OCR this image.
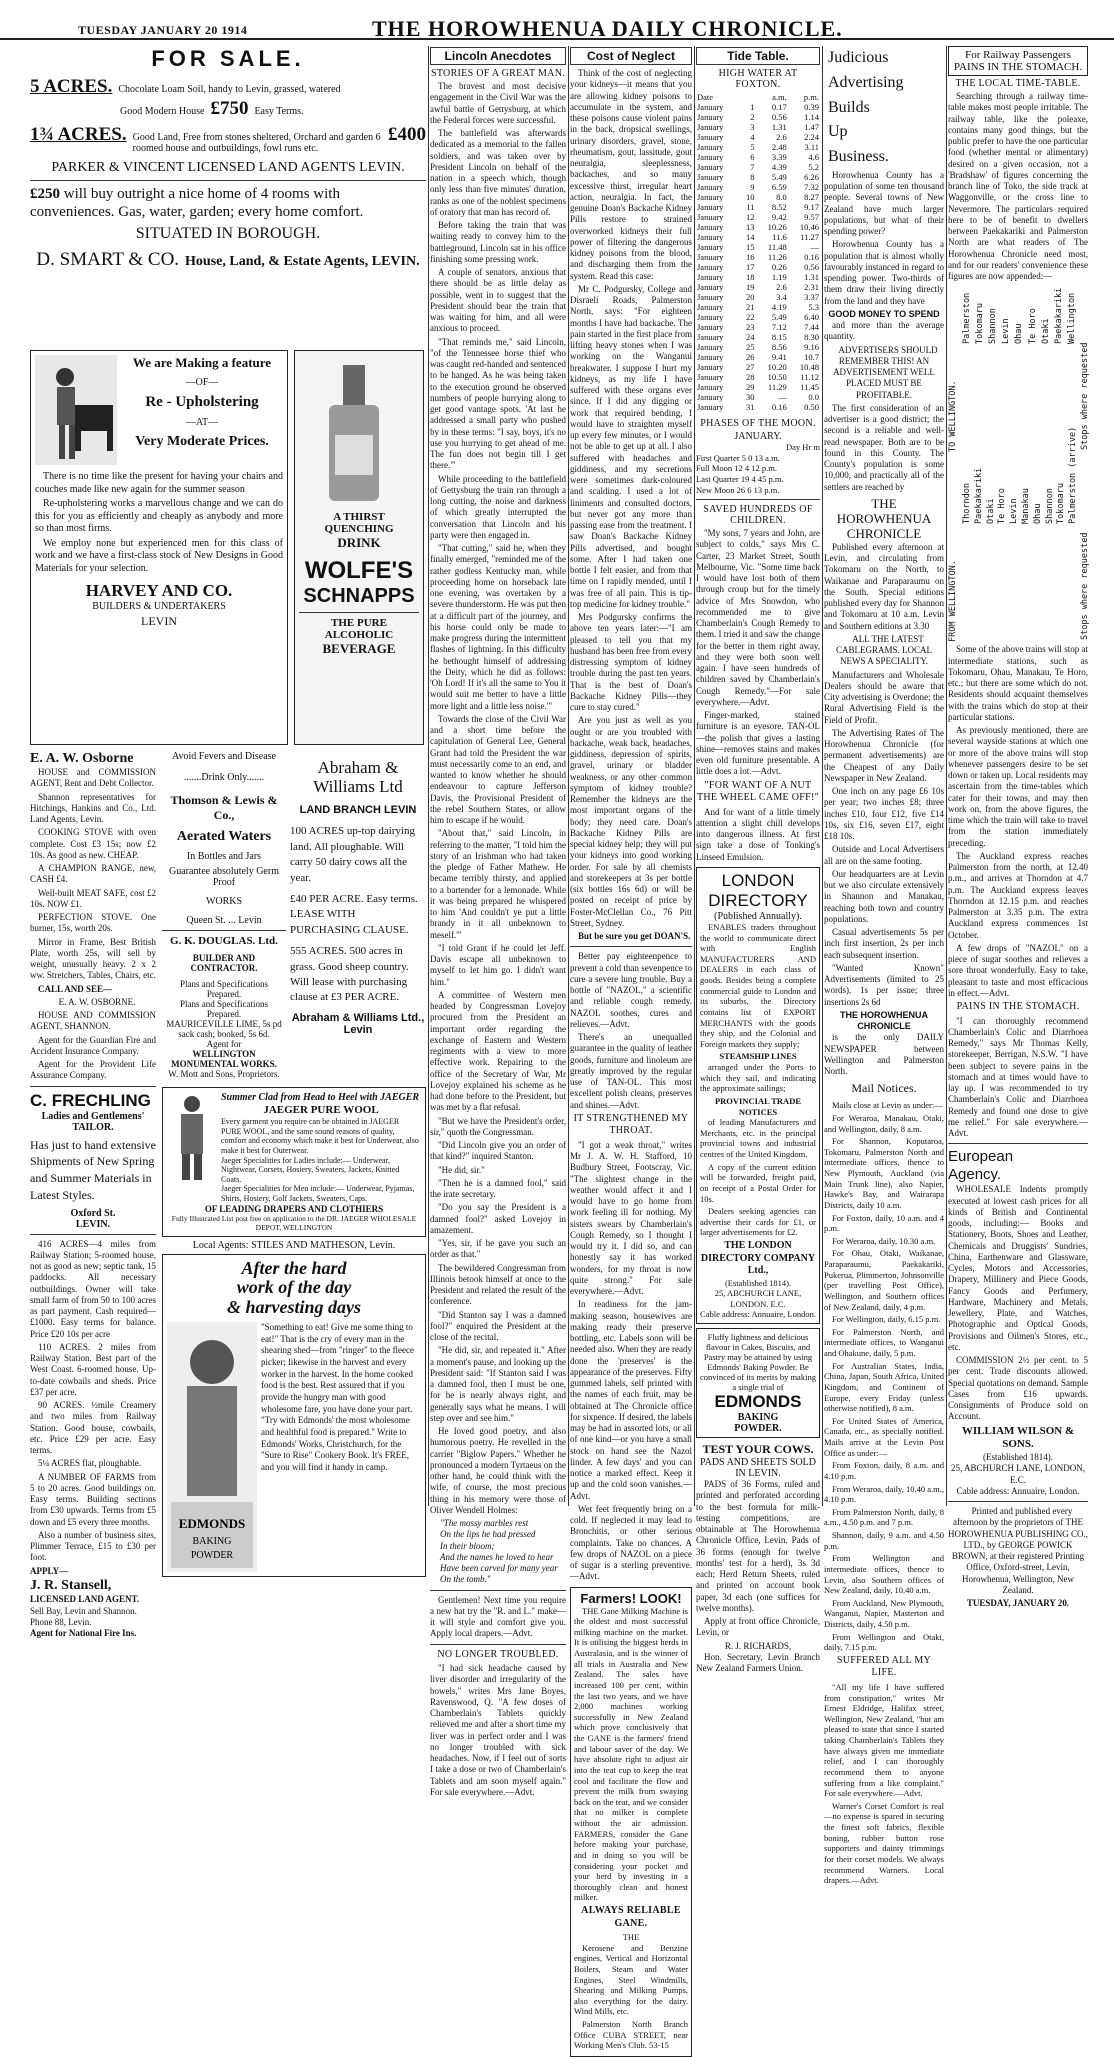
TUESDAY JANUARY 20 1914	THE HOROWHENUA DAILY CHRONICLE.
FOR SALE.
5 ACRES. Chocolate Loam Soil, handy to Levin, grassed, watered
Good Modern House £750 Easy Terms.
1¾ ACRES. Good Land, Free from stones sheltered, Orchard and garden 6 roomed house and outbuildings, fowl runs etc.
£400
PARKER & VINCENT LICENSED LAND AGENTS LEVIN.
£250 will buy outright a nice home of 4 rooms with conveniences. Gas, water, garden; every home comfort.
SITUATED IN BOROUGH.
D. SMART & CO. House, Land, & Estate Agents, LEVIN.
We are Making a feature
—OF—
Re - Upholstering
—AT—
Very Moderate Prices.

There is no time like the present for having your chairs and couches made like new again for the summer season

Re-upholstering works a marvellous change and we can do this for you as efficiently and cheaply as anybody and more so than most firms.

We employ none but experienced men for this class of work and we have a first-class stock of New Designs in Good Materials for your selection.

HARVEY AND CO.
BUILDERS & UNDERTAKERS
LEVIN
A THIRST QUENCHING
DRINK
WOLFE'S
SCHNAPPS
THE PURE ALCOHOLIC
BEVERAGE
E. A. W. Osborne

HOUSE and COMMISSION AGENT, Rent and Debt Collector.

Shannon representatives for Hitchings, Hankins and Co., Ltd. Land Agents, Levin.

COOKING STOVE with oven complete. Cost £3 15s; now £2 10s. As good as new. CHEAP.

A CHAMPION RANGE, new, CASH £4.

Well-built MEAT SAFE, cost £2 10s. NOW £1.

PERFECTION STOVE. One burner, 15s, worth 20s.

Mirror in Frame, Best British Plate, worth 25s, will sell by weight, unusually heavy. 2 x 2 ww. Stretchers, Tables, Chairs, etc.

CALL AND SEE—

E. A. W. OSBORNE.

HOUSE AND COMMISSION AGENT, SHANNON.

Agent for the Guardian Fire and Accident Insurance Company.

Agent for the Provident Life Assurance Company.

C. FRECHLING
Ladies and Gentlemens' TAILOR.
Has just to hand extensive Shipments of New Spring and Summer Materials in Latest Styles.
Oxford St.
LEVIN.

416 ACRES—4 miles from Railway Station; 5-roomed house, not as good as new; septic tank, 15 paddocks. All necessary outbuildings. Owner will take small farm of from 50 to 100 acres as part payment. Cash required—£1000. Easy terms for balance. Price £20 10s per acre

110 ACRES. 2 miles from Railway Station. Best part of the West Coast. 6-roomed house. Up-to-date cowbails and sheds. Price £37 per acre.

90 ACRES. ½mile Creamery and two miles from Railway Station. Good house, cowbails, etc. Price £29 per acre. Easy terms.

5¼ ACRES flat, ploughable.

A NUMBER OF FARMS from 5 to 20 acres. Good buildings on. Easy terms. Building sections from £30 upwards. Terms from £5 down and £5 every three months.

Also a number of business sites, Plimmer Terrace, £15 to £30 per foot.

APPLY—
J. R. Stansell,
LICENSED LAND AGENT.
Sell Bay, Levin and Shannon.
Phone 88, Levin.
Agent for National Fire Ins.
Avoid Fevers and Disease
.......Drink Only.......
Thomson & Lewis & Co.,
Aerated Waters
In Bottles and Jars
Guarantee absolutely Germ Proof
WORKS
Queen St. ... Levin
G. K. DOUGLAS. Ltd.
BUILDER AND CONTRACTOR.
Plans and Specifications Prepared.
Plans and Specifications Prepared.
MAURICEVILLE LIME, 5s pd sack cash; booked, 5s 6d.
Agent for
WELLINGTON MONUMENTAL WORKS.
W. Mott and Sons, Proprietors.
Abraham & Williams Ltd
LAND BRANCH LEVIN

100 ACRES up-top dairying land. All ploughable. Will carry 50 dairy cows all the year.

£40 PER ACRE. Easy terms. LEASE WITH PURCHASING CLAUSE.

555 ACRES. 500 acres in grass. Good sheep country. Will lease with purchasing clause at £3 PER ACRE.

Abraham & Williams Ltd., Levin
Summer Clad from Head to Heel with JAEGER
JAEGER PURE WOOL
Every garment you require can be obtained in JAEGER PURE WOOL, and the same sound reasons of quality, comfort and economy which make it best for Underwear, also make it best for Outerwear.
Jaeger Specialities for Ladies include:— Underwear, Nightwear, Corsets, Hosiery, Sweaters, Jackets, Knitted Coats.
Jaeger Specialities for Men include:— Underwear, Pyjamas, Shirts, Hosiery, Golf Jackets, Sweaters, Caps.
OF LEADING DRAPERS AND CLOTHIERS
Fully Illustrated List post free on application to the DR. JAEGER WHOLESALE DEPOT, WELLINGTON
Local Agents: STILES AND MATHESON, Levin.
After the hard
work of the day
& harvesting days
EDMONDS
BAKING
POWDER
"Something to eat! Give me some thing to eat!" That is the cry of every man in the shearing shed—from "ringer" to the fleece picker; likewise in the harvest and every worker in the harvest. In the home cooked food is the best. Rest assured that if you provide the hungry man with good wholesome fare, you have done your part. "Try with Edmonds' the most wholesome and healthful food is prepared." Write to Edmonds' Works, Christchurch, for the "Sure to Rise" Cookery Book. It's FREE, and you will find it handy in camp.
Lincoln Anecdotes
STORIES OF A GREAT MAN.

The bravest and most decisive engagement in the Civil War was the awful battle of Gettysburg, at which the Federal forces were successful.

The battlefield was afterwards dedicated as a memorial to the fallen soldiers, and was taken over by President Lincoln on behalf of the nation in a speech which, though only less than five minutes' duration, ranks as one of the noblest specimens of oratory that man has record of.

Before taking the train that was waiting ready to convey him to the battleground, Lincoln sat in his office finishing some pressing work.

A couple of senators, anxious that there should be as little delay as possible, went in to suggest that the President should bear the train that was waiting for him, and all were anxious to proceed.

"That reminds me," said Lincoln, "of the Tennessee horse thief who was caught red-handed and sentenced to be hanged. As he was being taken to the execution ground he observed numbers of people hurrying along to get good vantage spots. 'At last he addressed a small party who pushed by in these terms: "I say, boys, it's no use you hurrying to get ahead of me. The fun does not begin till I get there."'

While proceeding to the battlefield of Gettysburg the train ran through a long cutting, the noise and darkness of which greatly interrupted the conversation that Lincoln and his party were then engaged in.

"That cutting," said he, when they finally emerged, "reminded me of the rather godless Kentucky man, while proceeding home on horseback late one evening, was overtaken by a severe thunderstorm. He was put then at a difficult part of the journey, and his horse could only be made to make progress during the intermittent flashes of lightning. In this difficulty he bethought himself of addressing the Deity, which he did as follows: 'Oh Lord! If it's all the same to You it would suit me better to have a little more light and a little less noise.'"

Towards the close of the Civil War and a short time before the capitulation of General Lee, General Grant had told the President the war must necessarily come to an end, and wanted to know whether he should endeavour to capture Jefferson Davis, the Provisional President of the rebel Southern States, or allow him to escape if he would.

"About that," said Lincoln, in referring to the matter, "I told him the story of an Irishman who had taken the pledge of Father Mathew. He became terribly thirsty, and applied to a bartender for a lemonade. While it was being prepared he whispered to him 'And couldn't ye put a little brandy in it all unbeknown to meself.'"

"I told Grant if he could let Jeff. Davis escape all unbeknown to myself to let him go. I didn't want him."

A committee of Western men headed by Congressman Lovejoy procured from the President an important order regarding the exchange of Eastern and Western regiments with a view to more effective work. Repairing to the office of the Secretary of War, Mr Lovejoy explained his scheme as he had done before to the President, but was met by a flat refusal.

"But we have the President's order, sir," quoth the Congressman.

"Did Lincoln give you an order of that kind?" inquired Stanton.

"He did, sir."

"Then he is a damned fool," said the irate secretary.

"Do you say the President is a damned fool?" asked Lovejoy in amazement.

"Yes, sir, if he gave you such an order as that."

The bewildered Congressman from Illinois betook himself at once to the President and related the result of the conference.

"Did Stanton say I was a damned fool?" enquired the President at the close of the recital.

"He did, sir, and repeated it." After a moment's pause, and looking up the President said: "If Stanton said I was a damned fool, then I must be one, for he is nearly always right, and generally says what he means. I will step over and see him."

He loved good poetry, and also humorous poetry. He revelled in the carrier "Biglow Papers." Whether he pronounced a modern Tyrtaeus on the other hand, he could think with the wife, of course, the most precious thing in his memory were those of Oliver Wendell Holmes:

"The mossy marbles rest
On the lips he had pressed
In their bloom;
And the names he loved to hear
Have been carved for many year
On the tomb."

Gentlemen! Next time you require a new hat try the "R. and L." make—it will style and comfort give you. Apply local drapers.—Advt.

NO LONGER TROUBLED.

"I had sick headache caused by liver disorder and irregularity of the bowels," writes Mrs Jane Boyes, Ravenswood, Q. "A few doses of Chamberlain's Tablets quickly relieved me and after a short time my liver was in perfect order and I was no longer troubled with sick headaches. Now, if I feel out of sorts I take a dose or two of Chamberlain's Tablets and am soon myself again." For sale everywhere.—Advt.

Cost of Neglect

Think of the cost of neglecting your kidneys—it means that you are allowing kidney poisons to accumulate in the system, and these poisons cause violent pains in the back, dropsical swellings, urinary disorders, gravel, stone, rheumatism, gout, lassitude, gout neuralgia, sleeplessness, backaches, and so many excessive thirst, irregular heart action, neuralgia. In fact, the genuine Doan's Backache Kidney Pills restore to strained overworked kidneys their full power of filtering the dangerous kidney poisons from the blood, and discharging them from the system. Read this case:

Mr C. Podgursky, College and Disraeli Roads, Palmerston North, says: "For eighteen months I have had backache. The pain started in the first place from lifting heavy stones when I was working on the Wanganui breakwater. I suppose I hurt my kidneys, as my life I have suffered with these organs ever since. If I did any digging or work that required bending, I would have to straighten myself up every few minutes, or I would not be able to get up at all. I also suffered with headaches and giddiness, and my secretions were sometimes dark-coloured and scalding. I used a lot of liniments and consulted doctors, but never got any more than passing ease from the treatment. I saw Doan's Backache Kidney Pills advertised, and bought some. After I had taken one bottle I felt easier, and from that time on I rapidly mended, until I was free of all pain. This is tip-top medicine for kidney trouble."

Mrs Podgursky confirms the above ten years later:—"I am pleased to tell you that my husband has been free from every distressing symptom of kidney trouble during the past ten years. That is the best of Doan's Backache Kidney Pills—they cure to stay cured."

Are you just as well as you ought or are you troubled with backache, weak back, headaches, giddiness, depression of spirits, gravel, urinary or bladder weakness, or any other common symptom of kidney trouble? Remember the kidneys are the most important organs of the body; they need care. Doan's Backache Kidney Pills are special kidney help; they will put your kidneys into good working order. For sale by all chemists and storekeepers at 3s per bottle (six bottles 16s 6d) or will be posted on receipt of price by Foster-McClellan Co., 76 Pitt Street, Sydney.

But be sure you get DOAN'S.

Better pay eighteenpence to prevent a cold than sevenpence to cure a severe lung trouble. Buy a bottle of "NAZOL," a scientific and reliable cough remedy. NAZOL soothes, cures and relieves.—Advt.

There's an unequalled guarantee in the quality of leather goods, furniture and linoleum are greatly improved by the regular use of TAN-OL. This most excellent polish cleans, preserves and shines.—Advt.

IT STRENGTHENED MY THROAT.

"I got a weak throat," writes Mr J. A. W. H. Stafford, 10 Budbury Street, Footscray, Vic. "The slightest change in the weather would affect it and I would have to go home from work feeling ill for nothing. My sisters swears by Chamberlain's Cough Remedy, so I thought I would try it. I did so, and can honestly say it has worked wonders, for my throat is now quite strong." For sale everywhere.—Advt.

In readiness for the jam-making season, housewives are making ready their preserve bottling, etc. Labels soon will be needed also. When they are ready done the 'preserves' is the appearance of the preserves. Fifty gummed labels, self printed with the names of each fruit, may be obtained at The Chronicle office for sixpence. If desired, the labels may be had in assorted lots, or all of one kind—or you have a small stock on hand see the Nazol linder. A few days' and you can notice a marked effect. Keep it up and the cold soon vanishes.—Advt.

Wet feet frequently bring on a cold. If neglected it may lead to Bronchitis, or other serious complaints. Take no chances. A few drops of NAZOL on a piece of sugar is a sterling preventive.—Advt.

Farmers! LOOK!

THE Gane Milking Machine is the oldest and most successful milking machine on the market. It is utilising the biggest herds in Australasia, and is the winner of all trials in Australia and New Zealand. The sales have increased 100 per cent, within the last two years, and we have 2,000 machines working successfully in New Zealand which prove conclusively that the GANE is the farmers' friend and labour saver of the day. We have absolute right to adjust air into the teat cup to keep the teat cool and facilitate the flow and prevent the milk from swaying back on the teat, and we consider that no milker is complete without the air admission. FARMERS, consider the Gane before making your purchase, and in doing so you will be considering your pocket and your herd by investing in a thoroughly clean and honest milker.

ALWAYS RELIABLE GANE.
THE

Kerosene and Benzine engines, Vertical and Horizontal Boilers, Steam and Water Engines, Steel Windmills, Shearing and Milking Pumps, also everything for the dairy. Wind Mills, etc.

Palmerston North Branch Office CUBA STREET, near Working Men's Club. 53-15

Tide Table.
HIGH WATER AT FOXTON.
Date		a.m.	p.m.
January	1	0.17	0.39
January	2	0.56	1.14
January	3	1.31	1.47
January	4	2.6	2.24
January	5	2.48	3.11
January	6	3.39	4.6
January	7	4.39	5.2
January	8	5.49	6.26
January	9	6.59	7.32
January	10	8.0	8.27
January	11	8.52	9.17
January	12	9.42	9.57
January	13	10.26	10.46
January	14	11.6	11.27
January	15	11.48	—
January	16	11.26	0.16
January	17	0.26	0.56
January	18	1.19	1.31
January	19	2.6	2.31
January	20	3.4	3.37
January	21	4.19	5.3
January	22	5.49	6.40
January	23	7.12	7.44
January	24	8.15	8.30
January	25	8.56	9.16
January	26	9.41	10.7
January	27	10.20	10.48
January	28	10.50	11.12
January	29	11.29	11.45
January	30	—	0.0
January	31	0.16	0.50
PHASES OF THE MOON.
JANUARY.
Day Hr m
First Quarter 5 0 13 a.m.
Full Moon 12 4 12 p.m.
Last Quarter 19 4 45 p.m.
New Moon 26 6 13 p.m.
SAVED HUNDREDS OF CHILDREN.

"My sons, 7 years and John, are subject to colds," says Mrs C. Carter, 23 Market Street, South Melbourne, Vic. "Some time back I would have lost both of them through croup but for the timely advice of Mrs Snowdon, who recommended me to give Chamberlain's Cough Remedy to them. I tried it and saw the change for the better in them right away, and they were both soon well again. I have seen hundreds of children saved by Chamberlain's Cough Remedy."—For sale everywhere.—Advt.

Finger-marked, stained furniture is an eyesore. TAN-OL—the polish that gives a lasting shine—removes stains and makes even old furniture presentable. A little does a lot.—Advt.

"FOR WANT OF A NUT THE WHEEL CAME OFF!"

And for want of a little timely attention a slight chill develops into dangerous illness. At first sign take a dose of Tonking's Linseed Emulsion.

LONDON
DIRECTORY
(Published Annually).

ENABLES traders throughout the world to communicate direct with English MANUFACTURERS AND DEALERS in each class of goods. Besides being a complete commercial guide to London and its suburbs, the Directory contains list of EXPORT MERCHANTS with the goods they ship, and the Colonial and Foreign markets they supply;

STEAMSHIP LINES

arranged under the Ports to which they sail, and indicating the approximate sailings;

PROVINCIAL TRADE NOTICES

of leading Manufacturers and Merchants, etc. in the principal provincial towns and industrial centres of the United Kingdom.

A copy of the current edition will be forwarded, freight paid, on receipt of a Postal Order for 10s.

Dealers seeking agencies can advertise their cards for £1, or larger advertisements for £2.

THE LONDON DIRECTORY COMPANY Ltd.,
(Established 1814).
25, ABCHURCH LANE, LONDON. E.C.
Cable address: Annuaire, London.
Fluffy lightness and delicious flavour in Cakes, Biscuits, and Pastry may be attained by using Edmonds' Baking Powder. Be convinced of its merits by making a single trial of
EDMONDS
BAKING
POWDER.
TEST YOUR COWS.
PADS AND SHEETS SOLD IN LEVIN.

PADS of 36 Forms, ruled and printed and perforated according to the best formula for milk-testing competitions, are obtainable at The Horowhenua Chronicle Office, Levin. Pads of 36 forms (enough for twelve months' test for a herd), 3s 3d each; Herd Return Sheets, ruled and printed on account book paper, 3d each (one suffices for twelve months).

Apply at front office Chronicle, Levin, or

R. J. RICHARDS,

Hon. Secretary, Levin Branch New Zealand Farmers Union.

Judicious
Advertising
Builds
Up
Business.

Horowhenua County has a population of some ten thousand people. Several towns of New Zealand have much larger populations, but what of their spending power?

Horowhenua County has a population that is almost wholly favourably instanced in regard to spending power. Two-thirds of them draw their living directly from the land and they have

GOOD MONEY TO SPEND

and more than the average quantity.

ADVERTISERS SHOULD REMEMBER THIS! AN ADVERTISEMENT WELL PLACED MUST BE PROFITABLE.

The first consideration of an advertiser is a good district; the second is a reliable and well-read newspaper. Both are to be found in this County. The County's population is some 10,000, and practically all of the settlers are reached by

THE
HOROWHENUA
CHRONICLE

Published every afternoon at Levin, and circulating from Tokomaru on the North, to Waikanae and Paraparaumu on the South. Special editions published every day for Shannon and Tokomaru at 10 a.m. Levin and Southern editions at 3.30

ALL THE LATEST CABLEGRAMS. LOCAL NEWS A SPECIALITY.

Manufacturers and Wholesale Dealers should be aware that City advertising is Overdone; the Rural Advertising Field is the Field of Profit.

The Advertising Rates of The Horowhenua Chronicle (for permanent advertisements) are the Cheapest of any Daily Newspaper in New Zealand.

One inch on any page £6 10s per year; two inches £8; three inches £10, four £12, five £14 10s, six £16, seven £17, eight £18 10s.

Outside and Local Advertisers all are on the same footing.

Our headquarters are at Levin but we also circulate extensively in Shannon and Manakau, reaching both town and country populations.

Casual advertisements 5s per inch first insertion, 2s per inch each subsequent insertion.

"Wanted Known" Advertisements (limited to 25 words), 1s per issue; three insertions 2s 6d

THE HOROWHENUA CHRONICLE

is the only DAILY NEWSPAPER between Wellington and Palmerston North.

Mail Notices.

Mails close at Levin as under:—

For Weraroa, Manakau, Otaki, and Wellington, daily, 8 a.m.

For Shannon, Koputaroa, Tokomaru, Palmerston North and intermediate offices, thence to New Plymouth, Auckland (via Main Trunk line), also Napier, Hawke's Bay, and Wairarapa Districts, daily 10 a.m.

For Foxton, daily, 10 a.m. and 4 p.m.

For Weraroa, daily, 10.30 a.m.

For Ohau, Otaki, Waikanae, Paraparaumu, Paekakariki, Pukerua, Plimmerton, Johnsonville (per travelling Post Office), Wellington, and Southern offices of New Zealand, daily, 4 p.m.

For Wellington, daily, 6.15 p.m.

For Palmerston North, and intermediate offices, to Wanganui and Ohakune, daily, 5 p.m.

For Australian States, India, China, Japan, South Africa, United Kingdom, and Continent of Europe, every Friday (unless otherwise notified), 8 a.m.

For United States of America, Canada, etc., as specially notified. Mails arrive at the Levin Post Office as under:—

From Foxton, daily, 8 a.m. and 4.10 p.m.

From Weraroa, daily, 10.40 a.m., 4.10 p.m.

From Palmerston North, daily, 8 a.m., 4.50 p.m. and 7 p.m.

Shannon, daily, 9 a.m. and 4.50 p.m.

From Wellington and intermediate offices, thence to Levin, also Southern offices of New Zealand, daily, 10.40 a.m.

From Auckland, New Plymouth, Wanganui, Napier, Masterton and Districts, daily, 4.50 p.m.

From Wellington and Otaki, daily, 7.15 p.m.

SUFFERED ALL MY LIFE.

"All my life I have suffered from constipation," writes Mr Ernest Eldridge, Halifax street, Wellington, New Zealand, "but am pleased to state that since I started taking Chamberlain's Tablets they have always given me immediate relief, and I can thoroughly recommend them to anyone suffering from a like complaint." For sale everywhere.—Advt.

Warner's Corset Comfort is real—no expense is spared in securing the finest soft fabrics, flexible boning, rubber button rose supporters and dainty trimmings for their corset models. We always recommend Warners. Local drapers.—Advt.

For Railway Passengers
PAINS IN THE STOMACH.
THE LOCAL TIME-TABLE.

Searching through a railway time-table makes most people irritable. The railway table, like the poleaxe, contains many good things, but the public prefer to have the one particular food (whether mental or alimentary) desired on a given occasion, not a 'Bradshaw' of figures concerning the branch line of Toko, the side track at Waggonville, or the cross line to Nevermore. The particulars required here to be of benefit to dwellers between Paekakariki and Palmerston North are what readers of The Horowhenua Chronicle need most, and for our readers' convenience these figures are now appended:—

TO WELLINGTON.
Palmerston Tokomaru Shannon Levin Ohau Te Horo Otaki Paekakariki Wellington
Stops where requested
FROM WELLINGTON.
Thorndon Paekakariki Otaki Te Horo Levin Manakau Ohau Shannon Tokomaru Palmerston (arrive)
Stops where requested

Some of the above trains will stop at intermediate stations, such as Tokomaru, Ohau, Manakau, Te Horo, etc.; but there are some which do not. Residents should acquaint themselves with the trains which do stop at their particular stations.

As previously mentioned, there are several wayside stations at which one or more of the above trains will stop whenever passengers desire to be set down or taken up. Local residents may ascertain from the time-tables which cater for their towns, and may then work on, from the above figures, the time which the train will take to travel from the station immediately preceding.

The Auckland express reaches Palmerston from the north, at 12.40 p.m., and arrives at Thorndon at 4.7 p.m. The Auckland express leaves Thorndon at 12.15 p.m. and reaches Palmerston at 3.35 p.m. The extra Auckland express commences 1st October.

A few drops of "NAZOL" on a piece of sugar soothes and relieves a sore throat wonderfully. Easy to take, pleasant to taste and most efficacious in effect.—Advt.

PAINS IN THE STOMACH.

"I can thoroughly recommend Chamberlain's Colic and Diarrhoea Remedy," says Mr Thomas Kelly, storekeeper, Berrigan, N.S.W. "I have been subject to severe pains in the stomach and at times would have to lay up. I was recommended to try Chamberlain's Colic and Diarrhoea Remedy and found one dose to give me relief." For sale everywhere.—Advt.

European
Agency.

WHOLESALE Indents promptly executed at lowest cash prices for all kinds of British and Continental goods, including:— Books and Stationery, Boots, Shoes and Leather, Chemicals and Druggists' Sundries, China, Earthenware and Glassware, Cycles, Motors and Accessories, Drapery, Millinery and Piece Goods, Fancy Goods and Perfumery, Hardware, Machinery and Metals, Jewellery, Plate, and Watches, Photographic and Optical Goods, Provisions and Oilmen's Stores, etc., etc.

COMMISSION 2½ per cent. to 5 per cent. Trade discounts allowed. Special quotations on demand. Sample Cases from £16 upwards. Consignments of Produce sold on Account.

WILLIAM WILSON &
SONS.
(Established 1814).
25, ABCHURCH LANE, LONDON, E.C.
Cable address: Annuaire, London.

Printed and published every afternoon by the proprietors of THE HOROWHENUA PUBLISHING CO., LTD., by GEORGE POWICK BROWN, at their registered Printing Office, Oxford-street, Levin, Horowhenua, Wellington, New Zealand.

TUESDAY, JANUARY 20.
